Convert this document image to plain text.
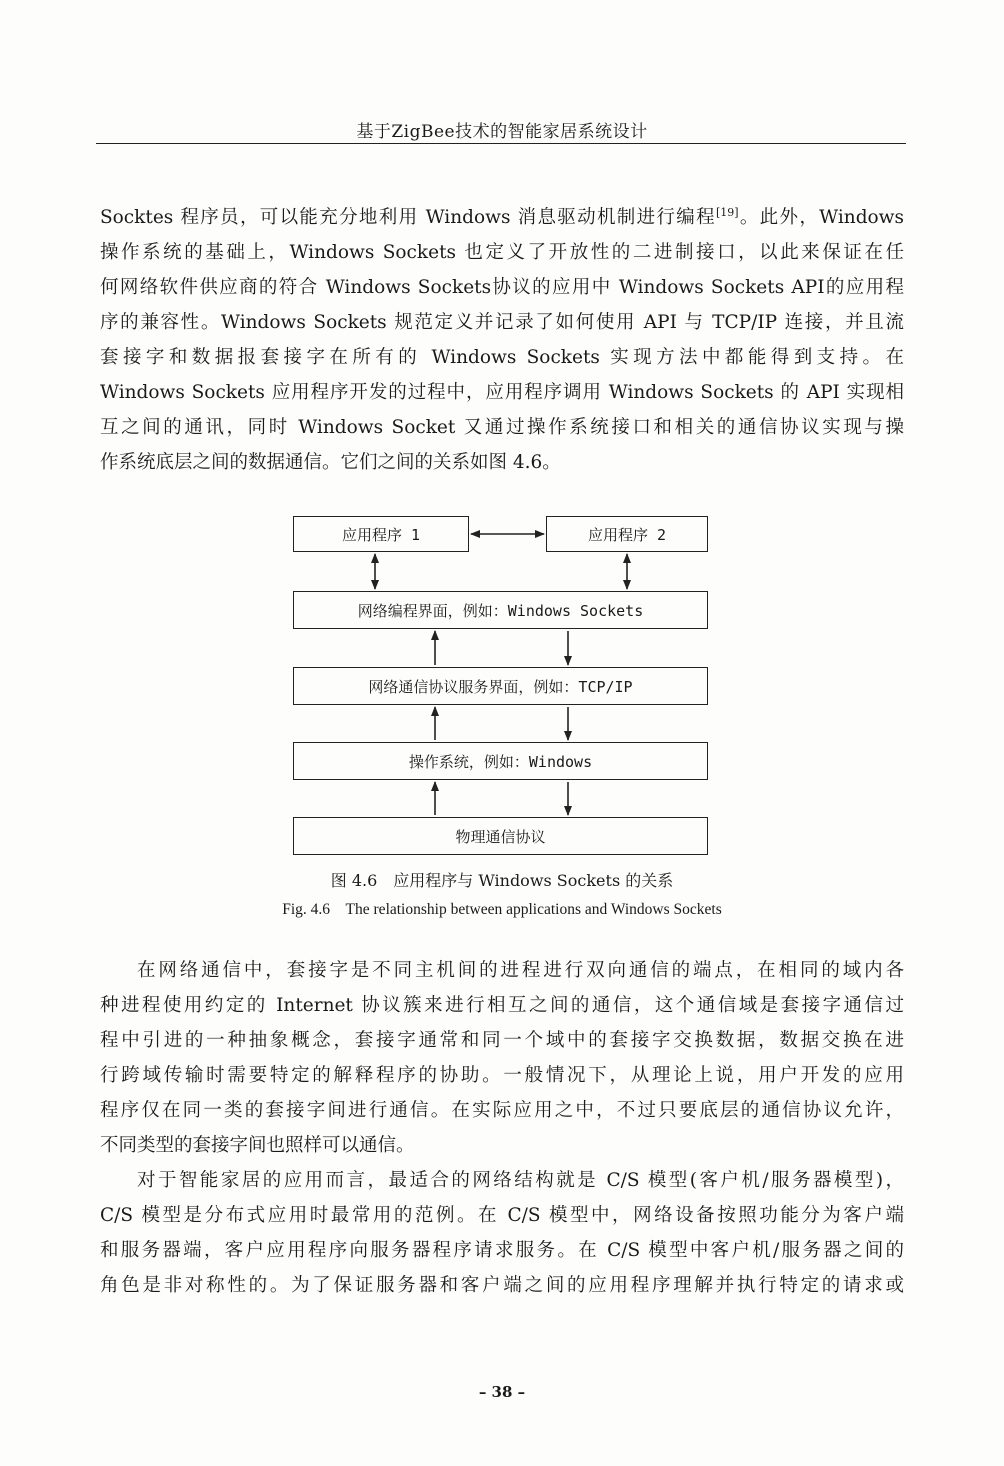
基于ZigBee技术的智能家居系统设计
Socktes 程序员，可以能充分地利用 Windows 消息驱动机制进行编程[19]。此外，Windows
操作系统的基础上，Windows Sockets 也定义了开放性的二进制接口，以此来保证在任
何网络软件供应商的符合 Windows Sockets协议的应用中 Windows Sockets API的应用程
序的兼容性。Windows Sockets 规范定义并记录了如何使用 API 与 TCP/IP 连接，并且流
套接字和数据报套接字在所有的 Windows Sockets 实现方法中都能得到支持。在
Windows Sockets 应用程序开发的过程中，应用程序调用 Windows Sockets 的 API 实现相
互之间的通讯，同时 Windows Socket 又通过操作系统接口和相关的通信协议实现与操
作系统底层之间的数据通信。它们之间的关系如图 4.6。
应用程序 1	应用程序 2
网络编程界面，例如：Windows Sockets
网络通信协议服务界面，例如：TCP/IP
操作系统，例如：Windows
物理通信协议
图 4.6　应用程序与 Windows Sockets 的关系
Fig. 4.6　The relationship between applications and Windows Sockets
在网络通信中，套接字是不同主机间的进程进行双向通信的端点，在相同的域内各
种进程使用约定的 Internet 协议簇来进行相互之间的通信，这个通信域是套接字通信过
程中引进的一种抽象概念，套接字通常和同一个域中的套接字交换数据，数据交换在进
行跨域传输时需要特定的解释程序的协助。一般情况下，从理论上说，用户开发的应用
程序仅在同一类的套接字间进行通信。在实际应用之中，不过只要底层的通信协议允许，
不同类型的套接字间也照样可以通信。
对于智能家居的应用而言，最适合的网络结构就是 C/S 模型(客户机/服务器模型)，
C/S 模型是分布式应用时最常用的范例。在 C/S 模型中，网络设备按照功能分为客户端
和服务器端，客户应用程序向服务器程序请求服务。在 C/S 模型中客户机/服务器之间的
角色是非对称性的。为了保证服务器和客户端之间的应用程序理解并执行特定的请求或
– 38 –
